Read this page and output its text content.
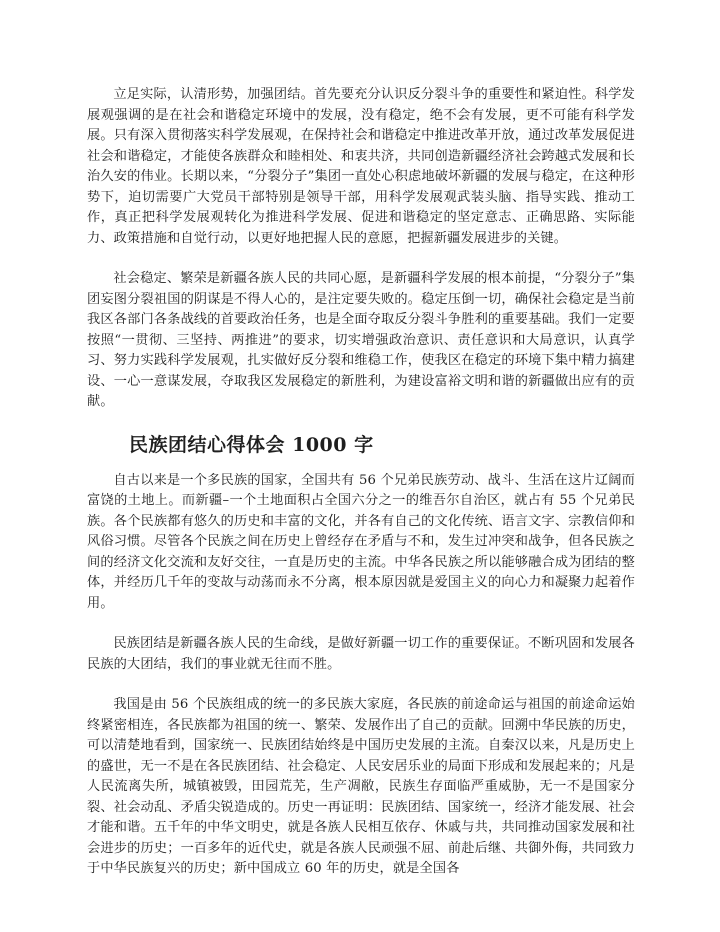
立足实际，认清形势，加强团结。首先要充分认识反分裂斗争的重要性和紧迫性。科学发展观强调的是在社会和谐稳定环境中的发展，没有稳定，绝不会有发展，更不可能有科学发展。只有深入贯彻落实科学发展观，在保持社会和谐稳定中推进改革开放，通过改革发展促进社会和谐稳定，才能使各族群众和睦相处、和衷共济，共同创造新疆经济社会跨越式发展和长治久安的伟业。长期以来，“分裂分子”集团一直处心积虑地破坏新疆的发展与稳定，在这种形势下，迫切需要广大党员干部特别是领导干部，用科学发展观武装头脑、指导实践、推动工作，真正把科学发展观转化为推进科学发展、促进和谐稳定的坚定意志、正确思路、实际能力、政策措施和自觉行动，以更好地把握人民的意愿，把握新疆发展进步的关键。

社会稳定、繁荣是新疆各族人民的共同心愿，是新疆科学发展的根本前提，“分裂分子”集团妄图分裂祖国的阴谋是不得人心的，是注定要失败的。稳定压倒一切，确保社会稳定是当前我区各部门各条战线的首要政治任务，也是全面夺取反分裂斗争胜利的重要基础。我们一定要按照“一贯彻、三坚持、两推进”的要求，切实增强政治意识、责任意识和大局意识，认真学习、努力实践科学发展观，扎实做好反分裂和维稳工作，使我区在稳定的环境下集中精力搞建设、一心一意谋发展，夺取我区发展稳定的新胜利，为建设富裕文明和谐的新疆做出应有的贡献。

民族团结心得体会 1000 字

自古以来是一个多民族的国家，全国共有 56 个兄弟民族劳动、战斗、生活在这片辽阔而富饶的土地上。而新疆–一个土地面积占全国六分之一的维吾尔自治区，就占有 55 个兄弟民族。各个民族都有悠久的历史和丰富的文化，并各有自己的文化传统、语言文字、宗教信仰和风俗习惯。尽管各个民族之间在历史上曾经存在矛盾与不和，发生过冲突和战争，但各民族之间的经济文化交流和友好交往，一直是历史的主流。中华各民族之所以能够融合成为团结的整体，并经历几千年的变故与动荡而永不分离，根本原因就是爱国主义的向心力和凝聚力起着作用。

民族团结是新疆各族人民的生命线，是做好新疆一切工作的重要保证。不断巩固和发展各民族的大团结，我们的事业就无往而不胜。

我国是由 56 个民族组成的统一的多民族大家庭，各民族的前途命运与祖国的前途命运始终紧密相连，各民族都为祖国的统一、繁荣、发展作出了自己的贡献。回溯中华民族的历史，可以清楚地看到，国家统一、民族团结始终是中国历史发展的主流。自秦汉以来，凡是历史上的盛世，无一不是在各民族团结、社会稳定、人民安居乐业的局面下形成和发展起来的；凡是人民流离失所，城镇被毁，田园荒芜，生产凋敝，民族生存面临严重威胁，无一不是国家分裂、社会动乱、矛盾尖锐造成的。历史一再证明：民族团结、国家统一，经济才能发展、社会才能和谐。五千年的中华文明史，就是各族人民相互依存、休戚与共，共同推动国家发展和社会进步的历史；一百多年的近代史，就是各族人民顽强不屈、前赴后继、共御外侮，共同致力于中华民族复兴的历史；新中国成立 60 年的历史，就是全国各
